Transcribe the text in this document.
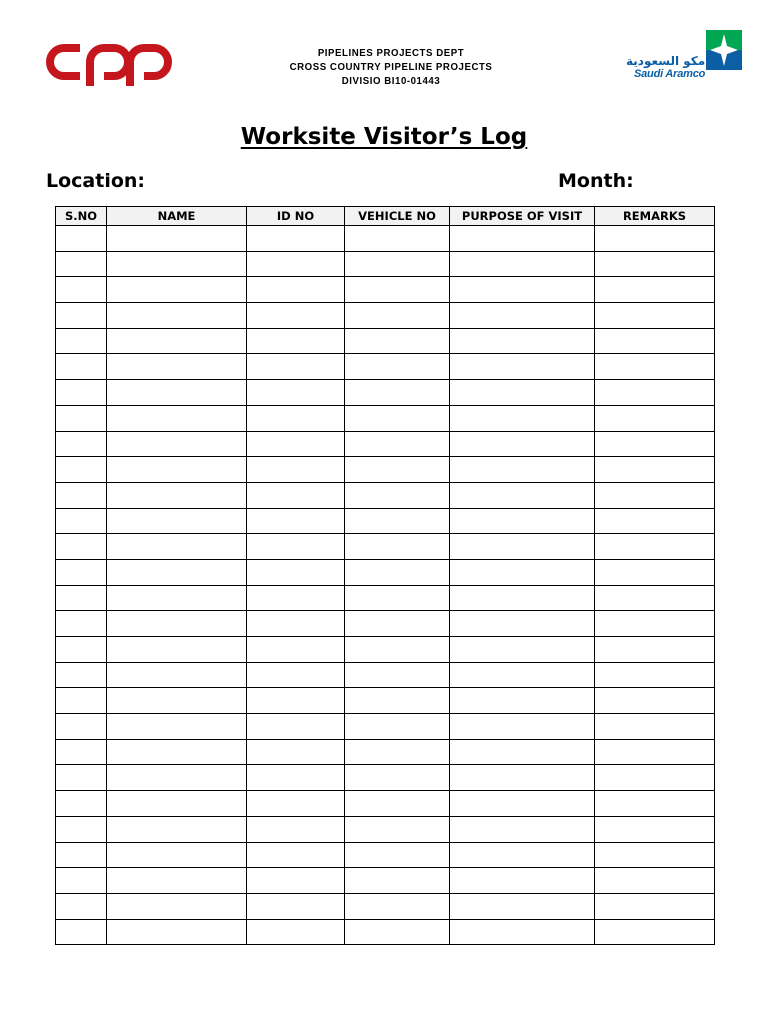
PIPELINES PROJECTS DEPT
CROSS COUNTRY PIPELINE PROJECTS
DIVISIO BI10-01443
ارامكو السعودية
Saudi Aramco
Worksite Visitor’s Log
Location:	Month:
S.NO	NAME	ID NO	VEHICLE NO	PURPOSE OF VISIT	REMARKS
